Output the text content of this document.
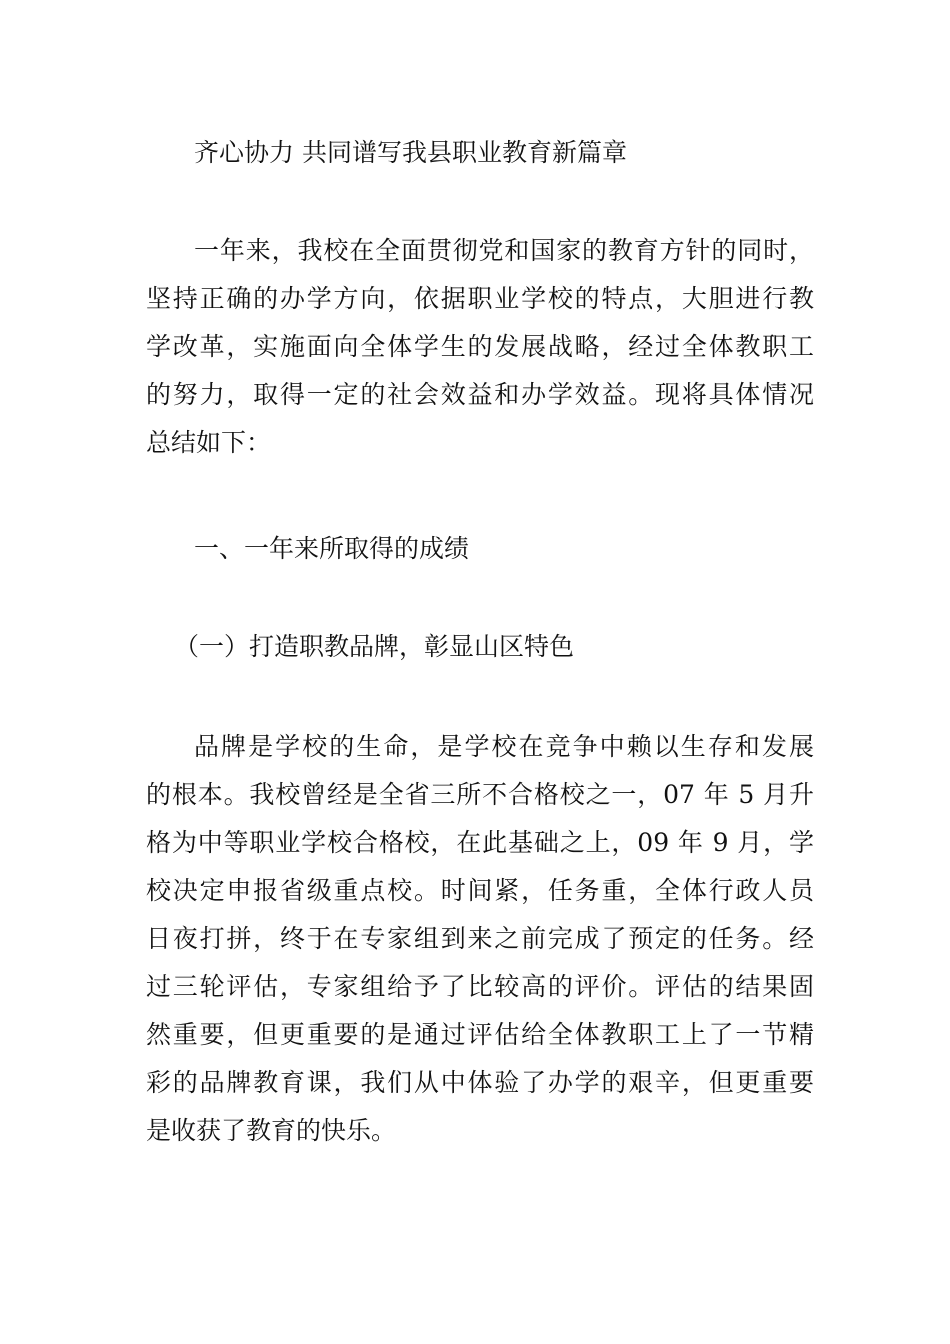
齐心协力 共同谱写我县职业教育新篇章
一年来，我校在全面贯彻党和国家的教育方针的同时，
坚持正确的办学方向，依据职业学校的特点，大胆进行教
学改革，实施面向全体学生的发展战略，经过全体教职工
的努力，取得一定的社会效益和办学效益。现将具体情况
总结如下：
一、一年来所取得的成绩
（一）打造职教品牌，彰显山区特色
品牌是学校的生命，是学校在竞争中赖以生存和发展
的根本。我校曾经是全省三所不合格校之一，07 年 5 月升
格为中等职业学校合格校，在此基础之上，09 年 9 月，学
校决定申报省级重点校。时间紧，任务重，全体行政人员
日夜打拼，终于在专家组到来之前完成了预定的任务。经
过三轮评估，专家组给予了比较高的评价。评估的结果固
然重要，但更重要的是通过评估给全体教职工上了一节精
彩的品牌教育课，我们从中体验了办学的艰辛，但更重要
是收获了教育的快乐。
